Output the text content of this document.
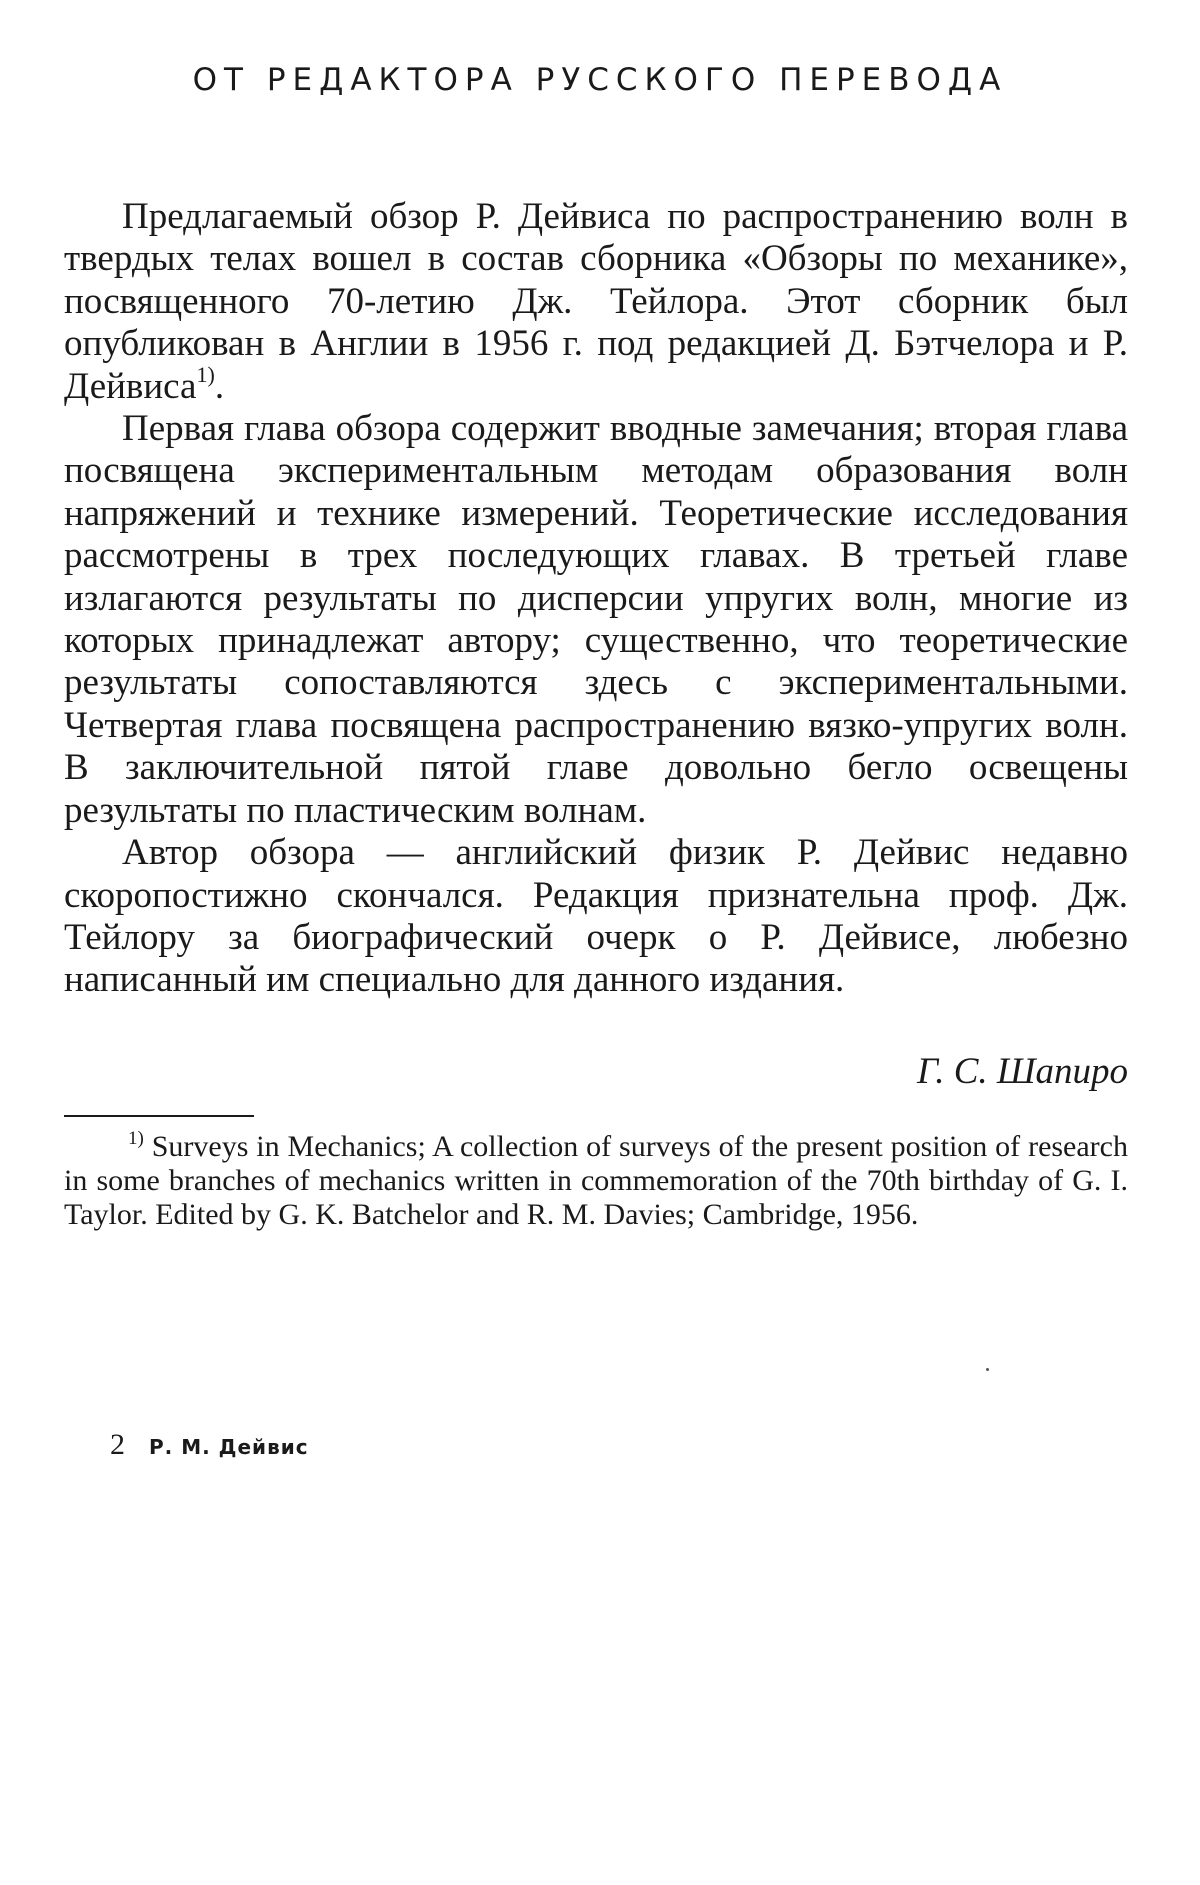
ОТ РЕДАКТОРА РУССКОГО ПЕРЕВОДА

Предлагаемый обзор Р. Дейвиса по распространению волн в твердых телах вошел в состав сборника «Обзоры по механике», посвященного 70-летию Дж. Тейлора. Этот сборник был опубликован в Англии в 1956 г. под редакцией Д. Бэтчелора и Р. Дейвиса$^{1)}$.

Первая глава обзора содержит вводные замечания; вторая глава посвящена экспериментальным методам образования волн напряжений и технике измерений. Теоретические исследования рассмотрены в трех последующих главах. В третьей главе излагаются результаты по дисперсии упругих волн, многие из которых принадлежат автору; существенно, что теоретические результаты сопоставляются здесь с экспериментальными. Четвертая глава посвящена распространению вязко-упругих волн. В заключительной пятой главе довольно бегло освещены результаты по пластическим волнам.

Автор обзора — английский физик Р. Дейвис недавно скоропостижно скончался. Редакция признательна проф. Дж. Тейлору за биографический очерк о Р. Дейвисе, любезно написанный им специально для данного издания.

Г. С. Шапиро
$^{1)}$ Surveys in Mechanics; A collection of surveys of the present position of research in some branches of mechanics written in commemoration of the 70th birthday of G. I. Taylor. Edited by G. K. Batchelor and R. M. Davies; Cambridge, 1956.
2 Р. М. Дейвис
